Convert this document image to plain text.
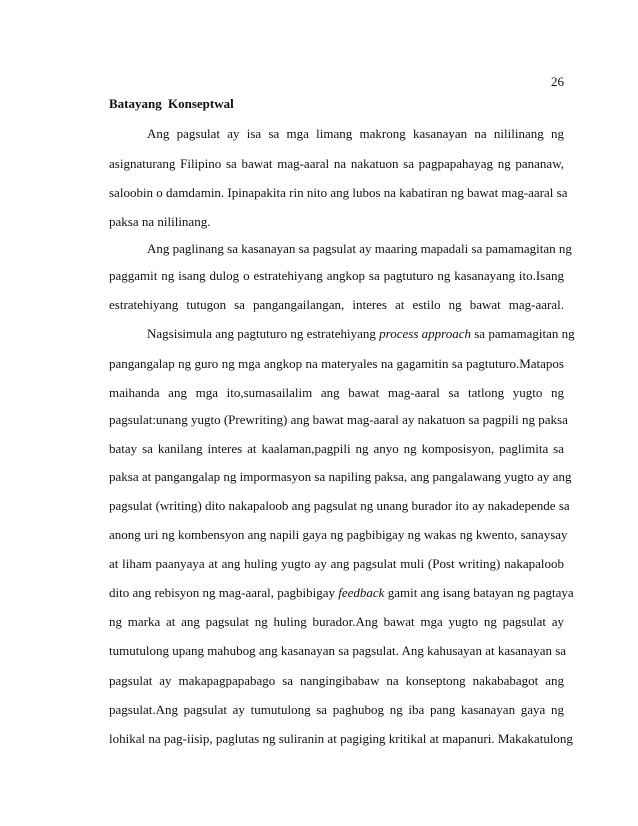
26
Batayang Konseptwal
Ang pagsulat ay isa sa mga limang makrong kasanayan na nililinang ng
asignaturang Filipino sa bawat mag-aaral na nakatuon sa pagpapahayag ng pananaw,
saloobin o damdamin. Ipinapakita rin nito ang lubos na kabatiran ng bawat mag-aaral sa
paksa na nililinang.
Ang paglinang sa kasanayan sa pagsulat ay maaring mapadali sa pamamagitan ng
paggamit ng isang dulog o estratehiyang angkop sa pagtuturo ng kasanayang ito.Isang
estratehiyang tutugon sa pangangailangan, interes at estilo ng bawat mag-aaral.
Nagsisimula ang pagtuturo ng estratehiyang process approach sa pamamagitan ng
pangangalap ng guro ng mga angkop na materyales na gagamitin sa pagtuturo.Matapos
maihanda ang mga ito,sumasailalim ang bawat mag-aaral sa tatlong yugto ng
pagsulat:unang yugto (Prewriting) ang bawat mag-aaral ay nakatuon sa pagpili ng paksa
batay sa kanilang interes at kaalaman,pagpili ng anyo ng komposisyon, paglimita sa
paksa at pangangalap ng impormasyon sa napiling paksa, ang pangalawang yugto ay ang
pagsulat (writing) dito nakapaloob ang pagsulat ng unang burador ito ay nakadepende sa
anong uri ng kombensyon ang napili gaya ng pagbibigay ng wakas ng kwento, sanaysay
at liham paanyaya at ang huling yugto ay ang pagsulat muli (Post writing) nakapaloob
dito ang rebisyon ng mag-aaral, pagbibigay feedback gamit ang isang batayan ng pagtaya
ng marka at ang pagsulat ng huling burador.Ang bawat mga yugto ng pagsulat ay
tumutulong upang mahubog ang kasanayan sa pagsulat. Ang kahusayan at kasanayan sa
pagsulat ay makapagpapabago sa nangingibabaw na konseptong nakababagot ang
pagsulat.Ang pagsulat ay tumutulong sa paghubog ng iba pang kasanayan gaya ng
lohikal na pag-iisip, paglutas ng suliranin at pagiging kritikal at mapanuri. Makakatulong
